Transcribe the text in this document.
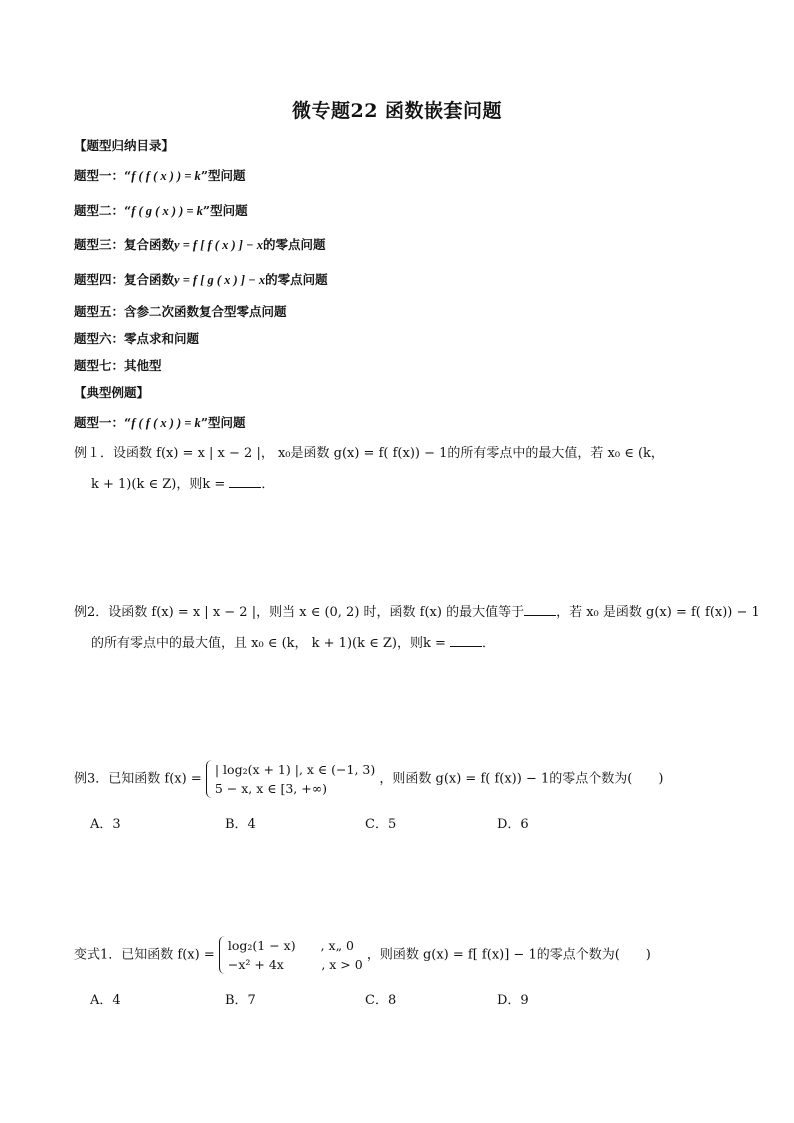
微专题22 函数嵌套问题
【题型归纳目录】
题型一：“f ( f ( x ) ) = k”型问题
题型二：“f ( g ( x ) ) = k”型问题
题型三：复合函数y = f [ f ( x ) ] − x的零点问题
题型四：复合函数y = f [ g ( x ) ] − x的零点问题
题型五：含参二次函数复合型零点问题
题型六：零点求和问题
题型七：其他型
【典型例题】
题型一：“f ( f ( x ) ) = k”型问题
例１．设函数 f(x) = x | x − 2 |， x₀是函数 g(x) = f( f(x)) − 1的所有零点中的最大值，若 x₀ ∈ (k，
k + 1)(k ∈ Z)，则k =	．
例2．设函数 f(x) = x | x − 2 |，则当 x ∈ (0, 2) 时，函数 f(x) 的最大值等于 ，若 x₀ 是函数 g(x) = f( f(x)) − 1
的所有零点中的最大值，且 x₀ ∈ (k， k + 1)(k ∈ Z)，则k =	．
例3．已知函数 f(x) =
| log₂(x + 1) |, x ∈ (−1, 3)
5 − x, x ∈ [3, +∞)
，则函数 g(x) = f( f(x)) − 1的零点个数为(　　)
A．3	B．4	C．5	D．6
变式1．已知函数 f(x) =
log₂(1 − x)　　, x„ 0
−x² + 4x　　　, x > 0
，则函数 g(x) = f[ f(x)] − 1的零点个数为(　　)
A．4	B．7	C．8	D．9
